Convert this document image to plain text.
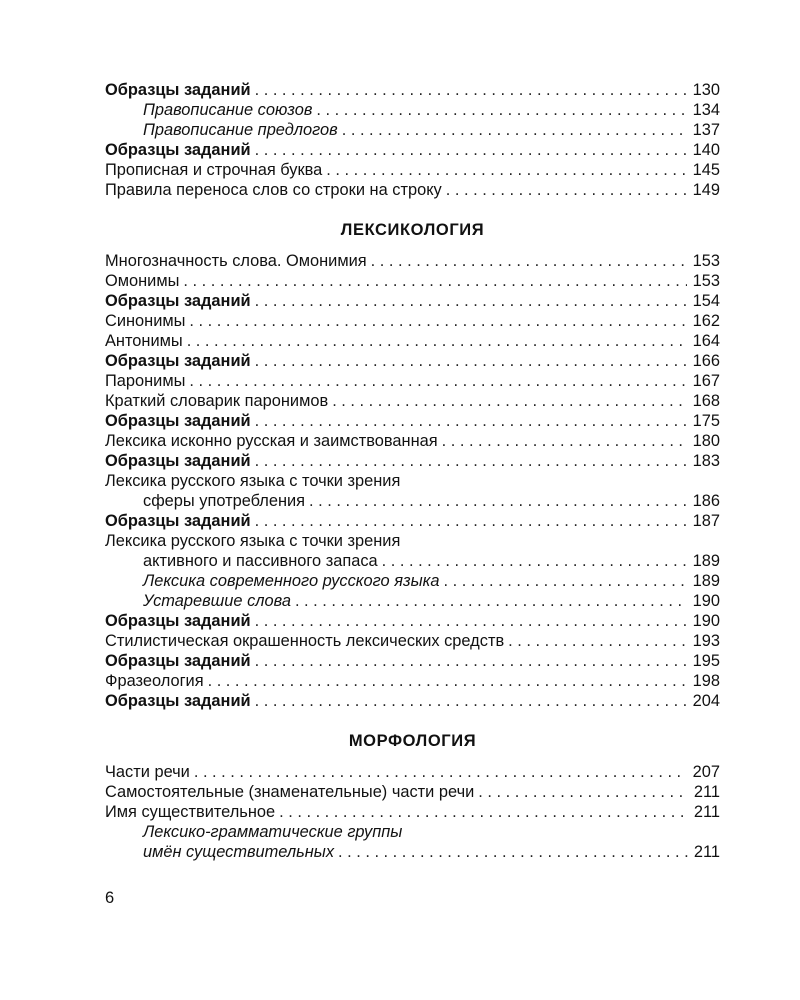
Образцы заданий . . .	130
Правописание союзов . . .	134
Правописание предлогов . . .	137
Образцы заданий . . .	140
Прописная и строчная буква . . .	145
Правила переноса слов со строки на строку . . .	149
ЛЕКСИКОЛОГИЯ
Многозначность слова. Омонимия . . .	153
Омонимы . . .	153
Образцы заданий . . .	154
Синонимы . . .	162
Антонимы . . .	164
Образцы заданий . . .	166
Паронимы . . .	167
Краткий словарик паронимов . . .	168
Образцы заданий . . .	175
Лексика исконно русская и заимствованная . . .	180
Образцы заданий . . .	183
Лексика русского языка с точки зрения
сферы употребления . . .	186
Образцы заданий . . .	187
Лексика русского языка с точки зрения
активного и пассивного запаса . . .	189
Лексика современного русского языка . . .	189
Устаревшие слова . . .	190
Образцы заданий . . .	190
Стилистическая окрашенность лексических средств . . .	193
Образцы заданий . . .	195
Фразеология . . .	198
Образцы заданий . . .	204
МОРФОЛОГИЯ
Части речи . . .	207
Самостоятельные (знаменательные) части речи . . .	211
Имя существительное . . .	211
Лексико-грамматические группы
имён существительных . . .	211
6
